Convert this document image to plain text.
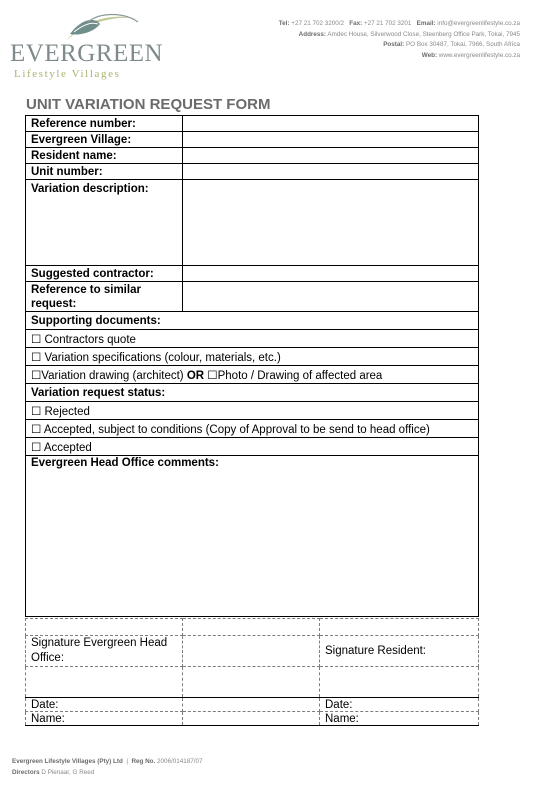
EVERGREEN
Lifestyle Villages
Tel: +27 21 702 3200/2 Fax: +27 21 702 3201 Email: info@evergreenlifestyle.co.za
Address: Amdec House, Silverwood Close, Steenberg Office Park, Tokai, 7945
Postal: PO Box 30487, Tokai, 7966, South Africa
Web: www.evergreenlifestyle.co.za
UNIT VARIATION REQUEST FORM
Reference number:	
Evergreen Village:	
Resident name:	
Unit number:	
Variation description:	
Suggested contractor:	
Reference to similar request:	
Supporting documents:	
☐ Contractors quote	
☐ Variation specifications (colour, materials, etc.)	
☐Variation drawing (architect) OR ☐Photo / Drawing of affected area	
Variation request status:	
☐ Rejected	
☐ Accepted, subject to conditions (Copy of Approval to be send to head office)	
☐ Accepted	
Evergreen Head Office comments:	

Signature Evergreen Head Office:		Signature Resident:

Date:		Date:
Name:		Name:
Evergreen Lifestyle Villages (Pty) Ltd | Reg No. 2006/014187/07
Directors D Pienaar, G Reed
